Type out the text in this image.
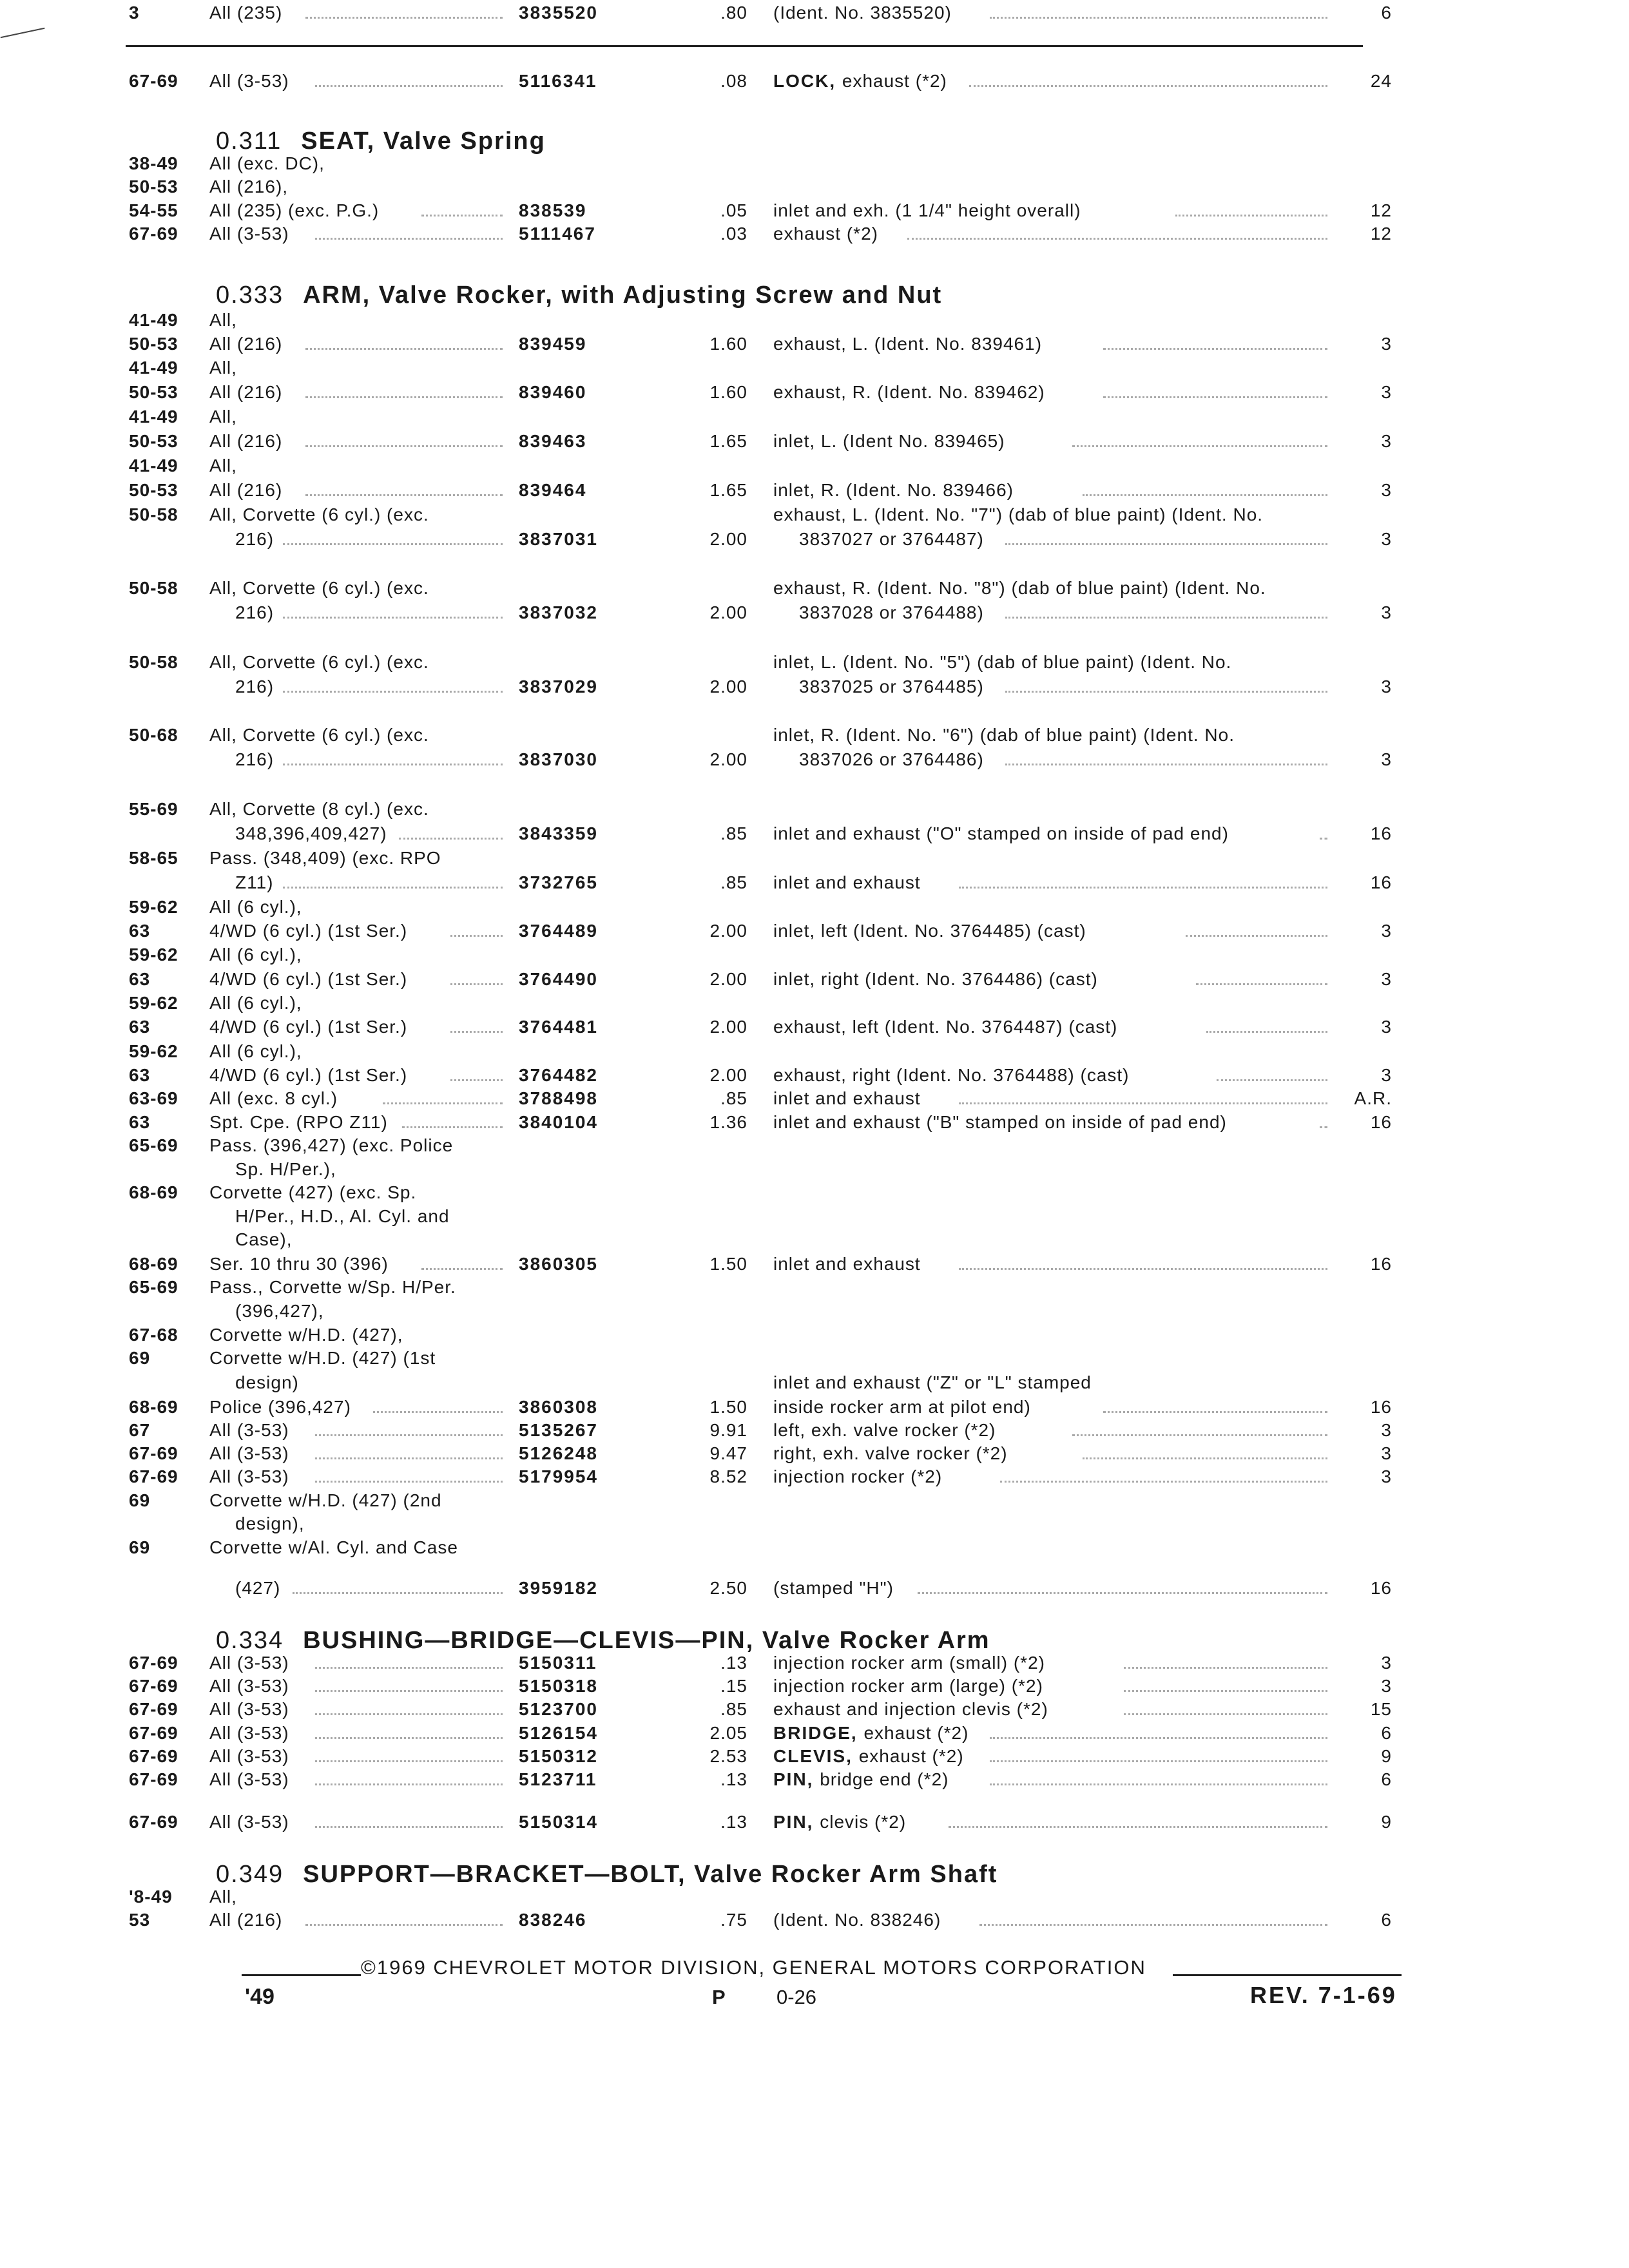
67-69 All (3-53)	5116341	.08 LOCK, exhaust (*2)	24
0.311 SEAT, Valve Spring
38-49 All (exc. DC),
50-53 All (216),
54-55 All (235) (exc. P.G.)	838539	.05 inlet and exh. (1 1/4" height overall)	12
67-69 All (3-53)	5111467	.03 exhaust (*2)	12
0.333 ARM, Valve Rocker, with Adjusting Screw and Nut
41-49 All,
50-53 All (216)	839459	1.60 exhaust, L. (Ident. No. 839461)	3
41-49 All,
50-53 All (216)	839460	1.60 exhaust, R. (Ident. No. 839462)	3
41-49 All,
50-53 All (216)	839463	1.65 inlet, L. (Ident No. 839465)	3
41-49 All,
50-53 All (216)	839464	1.65 inlet, R. (Ident. No. 839466)	3
50-58 All, Corvette (6 cyl.) (exc.	exhaust, L. (Ident. No. "7") (dab of blue paint) (Ident. No.
216)	3837031	2.00	3837027 or 3764487)	3
50-58 All, Corvette (6 cyl.) (exc.	exhaust, R. (Ident. No. "8") (dab of blue paint) (Ident. No.
216)	3837032	2.00	3837028 or 3764488)	3
50-58 All, Corvette (6 cyl.) (exc.	inlet, L. (Ident. No. "5") (dab of blue paint) (Ident. No.
216)	3837029	2.00	3837025 or 3764485)	3
50-68 All, Corvette (6 cyl.) (exc.	inlet, R. (Ident. No. "6") (dab of blue paint) (Ident. No.
216)	3837030	2.00	3837026 or 3764486)	3
55-69 All, Corvette (8 cyl.) (exc.
348,396,409,427)	3843359	.85 inlet and exhaust ("O" stamped on inside of pad end)	16
58-65 Pass. (348,409) (exc. RPO
Z11)	3732765	.85 inlet and exhaust	16
59-62 All (6 cyl.),
63	4/WD (6 cyl.) (1st Ser.)	3764489	2.00 inlet, left (Ident. No. 3764485) (cast)	3
59-62 All (6 cyl.),
63	4/WD (6 cyl.) (1st Ser.)	3764490	2.00 inlet, right (Ident. No. 3764486) (cast)	3
59-62 All (6 cyl.),
63	4/WD (6 cyl.) (1st Ser.)	3764481	2.00 exhaust, left (Ident. No. 3764487) (cast)	3
59-62 All (6 cyl.),
63	4/WD (6 cyl.) (1st Ser.)	3764482	2.00 exhaust, right (Ident. No. 3764488) (cast)	3
63-69 All (exc. 8 cyl.)	3788498	.85 inlet and exhaust	A.R.
63	Spt. Cpe. (RPO Z11)	3840104	1.36 inlet and exhaust ("B" stamped on inside of pad end)	16
65-69 Pass. (396,427) (exc. Police
Sp. H/Per.),
68-69 Corvette (427) (exc. Sp.
H/Per., H.D., Al. Cyl. and
Case),
68-69 Ser. 10 thru 30 (396)	3860305	1.50 inlet and exhaust	16
65-69 Pass., Corvette w/Sp. H/Per.
(396,427),
67-68 Corvette w/H.D. (427),
69	Corvette w/H.D. (427) (1st
design)	inlet and exhaust ("Z" or "L" stamped
68-69 Police (396,427)	3860308	1.50 inside rocker arm at pilot end)	16
67	All (3-53)	5135267	9.91 left, exh. valve rocker (*2)	3
67-69 All (3-53)	5126248	9.47 right, exh. valve rocker (*2)	3
67-69 All (3-53)	5179954	8.52 injection rocker (*2)	3
69	Corvette w/H.D. (427) (2nd
design),
69	Corvette w/Al. Cyl. and Case
(427)	3959182	2.50 (stamped "H")	16
0.334 BUSHING—BRIDGE—CLEVIS—PIN, Valve Rocker Arm
67-69 All (3-53)	5150311	.13 injection rocker arm (small) (*2)	3
67-69 All (3-53)	5150318	.15 injection rocker arm (large) (*2)	3
67-69 All (3-53)	5123700	.85 exhaust and injection clevis (*2)	15
67-69 All (3-53)	5126154	2.05 BRIDGE, exhaust (*2)	6
67-69 All (3-53)	5150312	2.53 CLEVIS, exhaust (*2)	9
67-69 All (3-53)	5123711	.13 PIN, bridge end (*2)	6
67-69 All (3-53)	5150314	.13 PIN, clevis (*2)	9
0.349 SUPPORT—BRACKET—BOLT, Valve Rocker Arm Shaft
'8-49 All,
53	All (216)	838246	.75 (Ident. No. 838246)	6
3	All (235)	3835520	.80 (Ident. No. 3835520)	6
©1969 CHEVROLET MOTOR DIVISION, GENERAL MOTORS CORPORATION
'49	P	0-26	REV. 7-1-69
